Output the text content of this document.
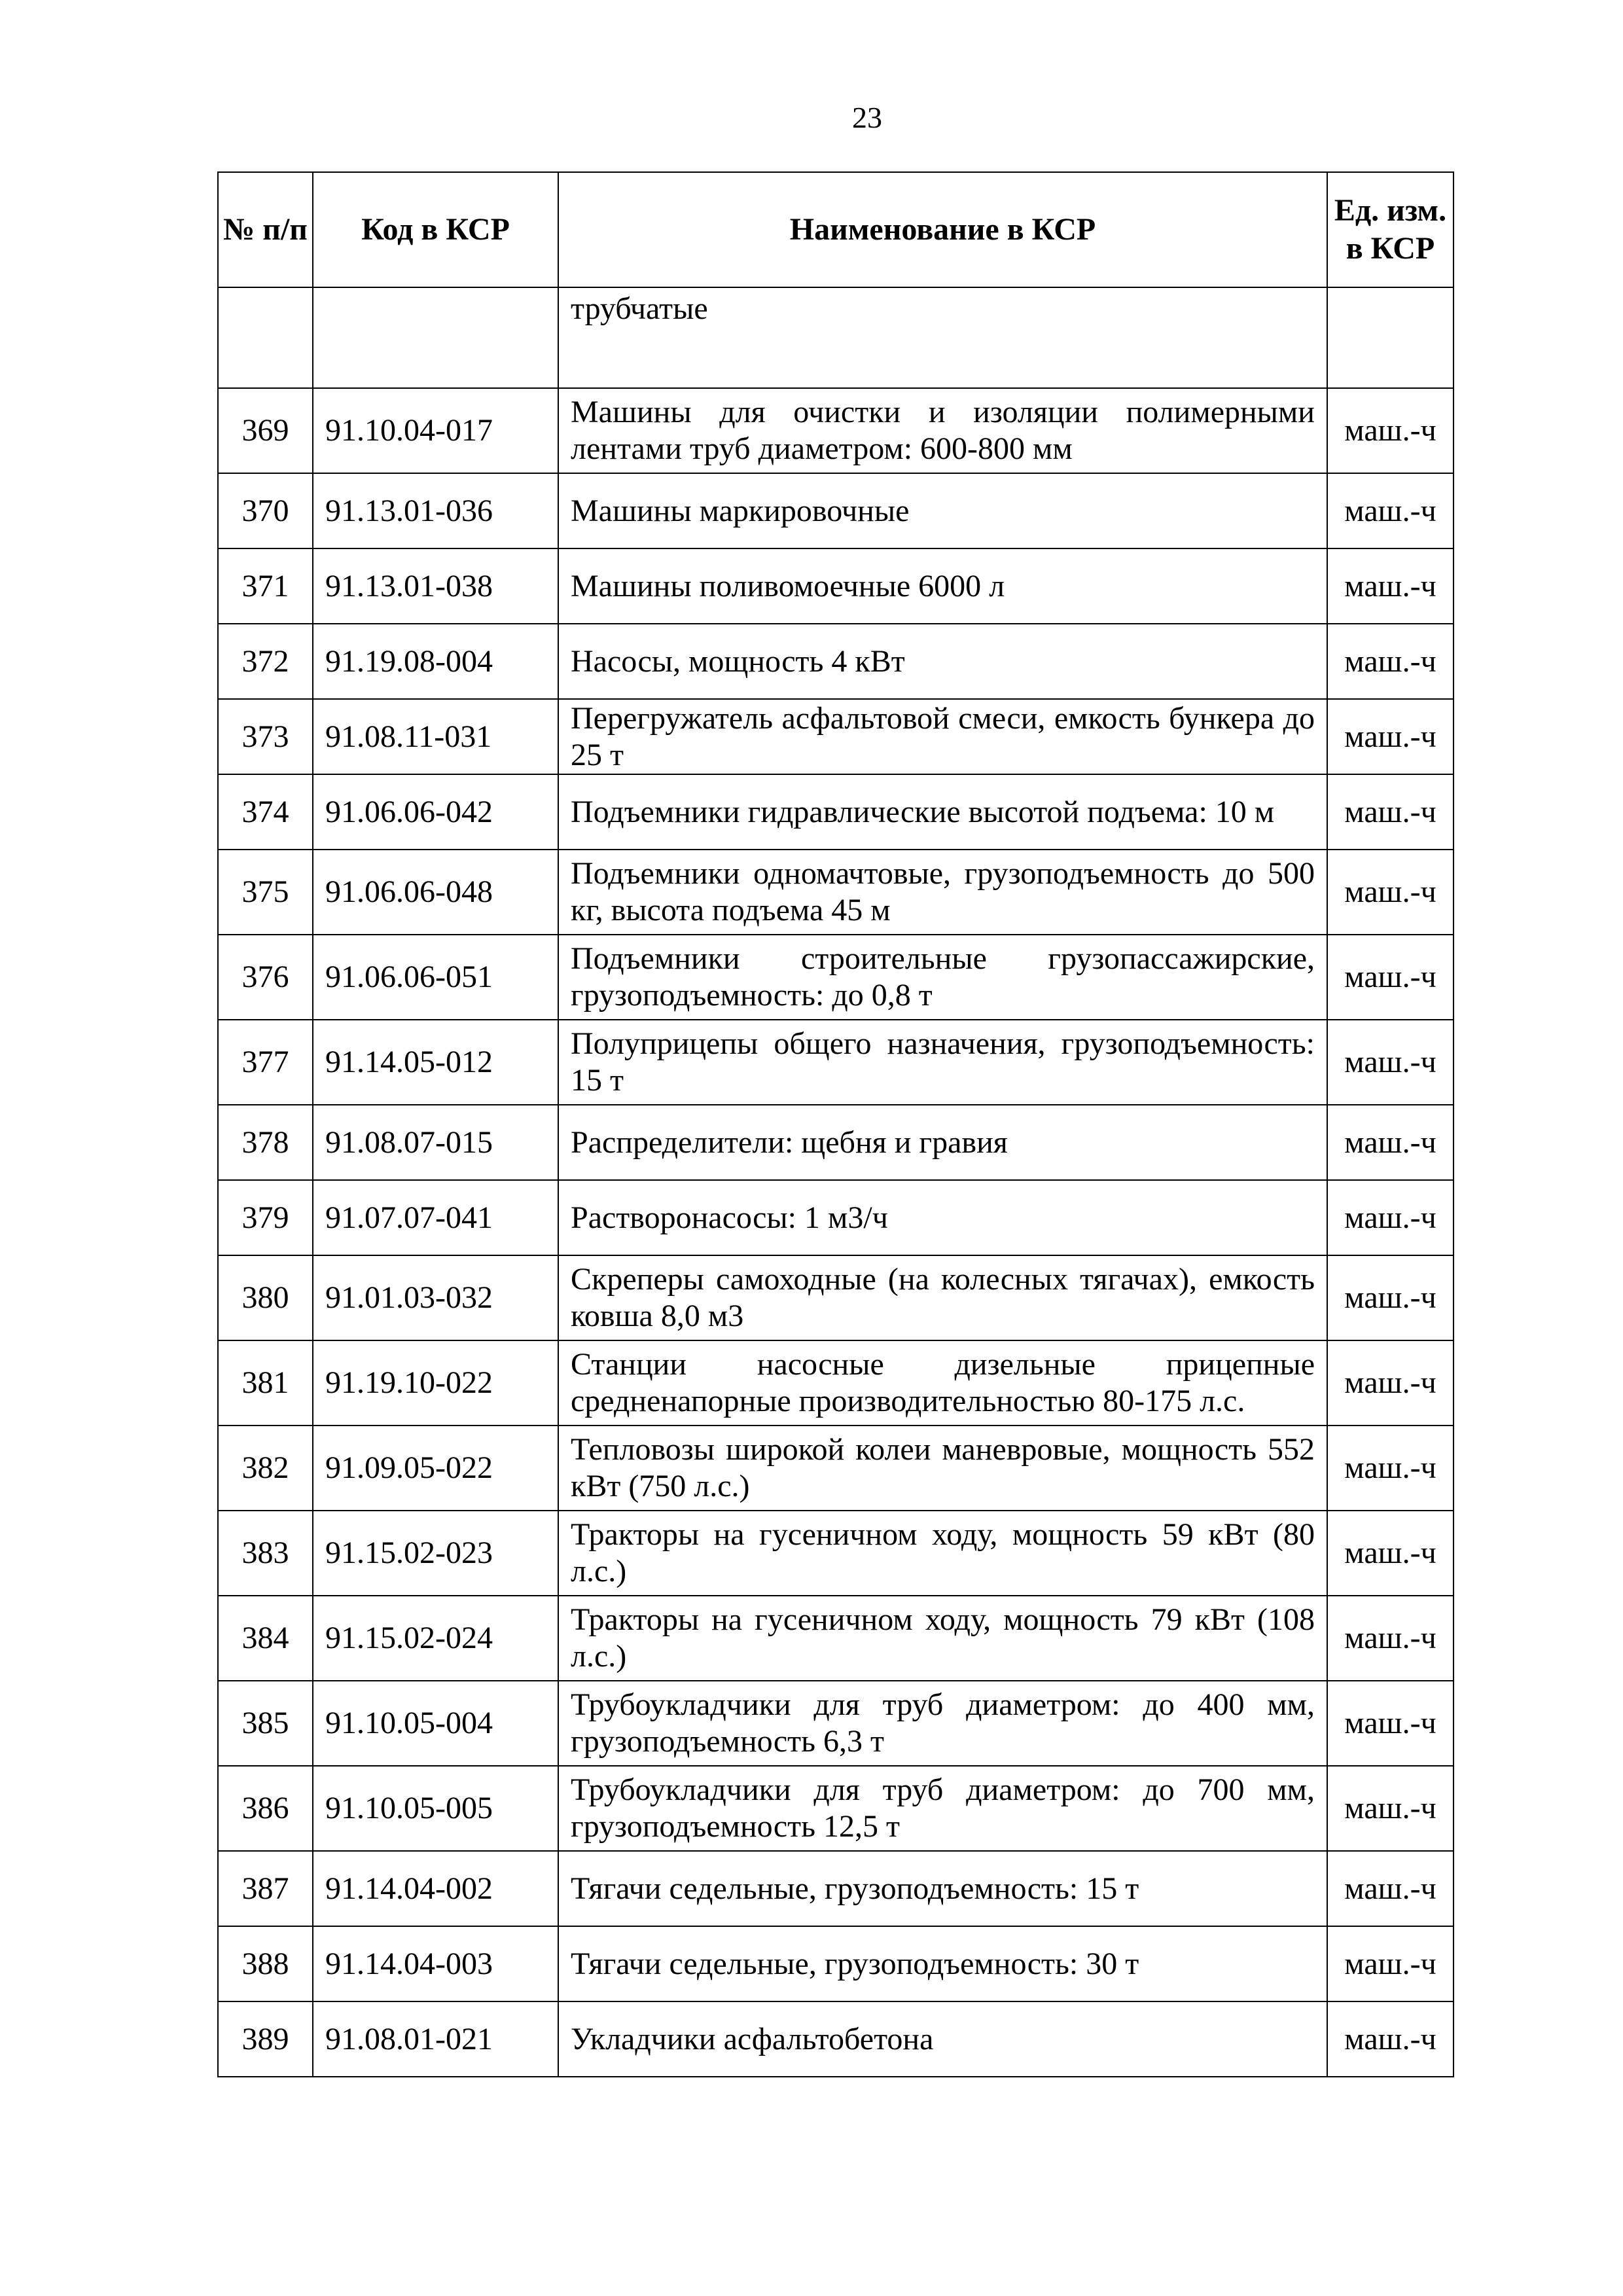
23
№ п/п	Код в КСР	Наименование в КСР	Ед. изм. в КСР
		трубчатые	
369	91.10.04-017	Машины для очистки и изоляции полимерными лентами труб диаметром: 600-800 мм	маш.-ч
370	91.13.01-036	Машины маркировочные	маш.-ч
371	91.13.01-038	Машины поливомоечные 6000 л	маш.-ч
372	91.19.08-004	Насосы, мощность 4 кВт	маш.-ч
373	91.08.11-031	Перегружатель асфальтовой смеси, емкость бункера до 25 т	маш.-ч
374	91.06.06-042	Подъемники гидравлические высотой подъема: 10 м	маш.-ч
375	91.06.06-048	Подъемники одномачтовые, грузоподъемность до 500 кг, высота подъема 45 м	маш.-ч
376	91.06.06-051	Подъемники строительные грузопассажирские, грузоподъемность: до 0,8 т	маш.-ч
377	91.14.05-012	Полуприцепы общего назначения, грузоподъемность: 15 т	маш.-ч
378	91.08.07-015	Распределители: щебня и гравия	маш.-ч
379	91.07.07-041	Растворонасосы: 1 м3/ч	маш.-ч
380	91.01.03-032	Скреперы самоходные (на колесных тягачах), емкость ковша 8,0 м3	маш.-ч
381	91.19.10-022	Станции насосные дизельные прицепные средненапорные производительностью 80-175 л.с.	маш.-ч
382	91.09.05-022	Тепловозы широкой колеи маневровые, мощность 552 кВт (750 л.с.)	маш.-ч
383	91.15.02-023	Тракторы на гусеничном ходу, мощность 59 кВт (80 л.с.)	маш.-ч
384	91.15.02-024	Тракторы на гусеничном ходу, мощность 79 кВт (108 л.с.)	маш.-ч
385	91.10.05-004	Трубоукладчики для труб диаметром: до 400 мм, грузоподъемность 6,3 т	маш.-ч
386	91.10.05-005	Трубоукладчики для труб диаметром: до 700 мм, грузоподъемность 12,5 т	маш.-ч
387	91.14.04-002	Тягачи седельные, грузоподъемность: 15 т	маш.-ч
388	91.14.04-003	Тягачи седельные, грузоподъемность: 30 т	маш.-ч
389	91.08.01-021	Укладчики асфальтобетона	маш.-ч
